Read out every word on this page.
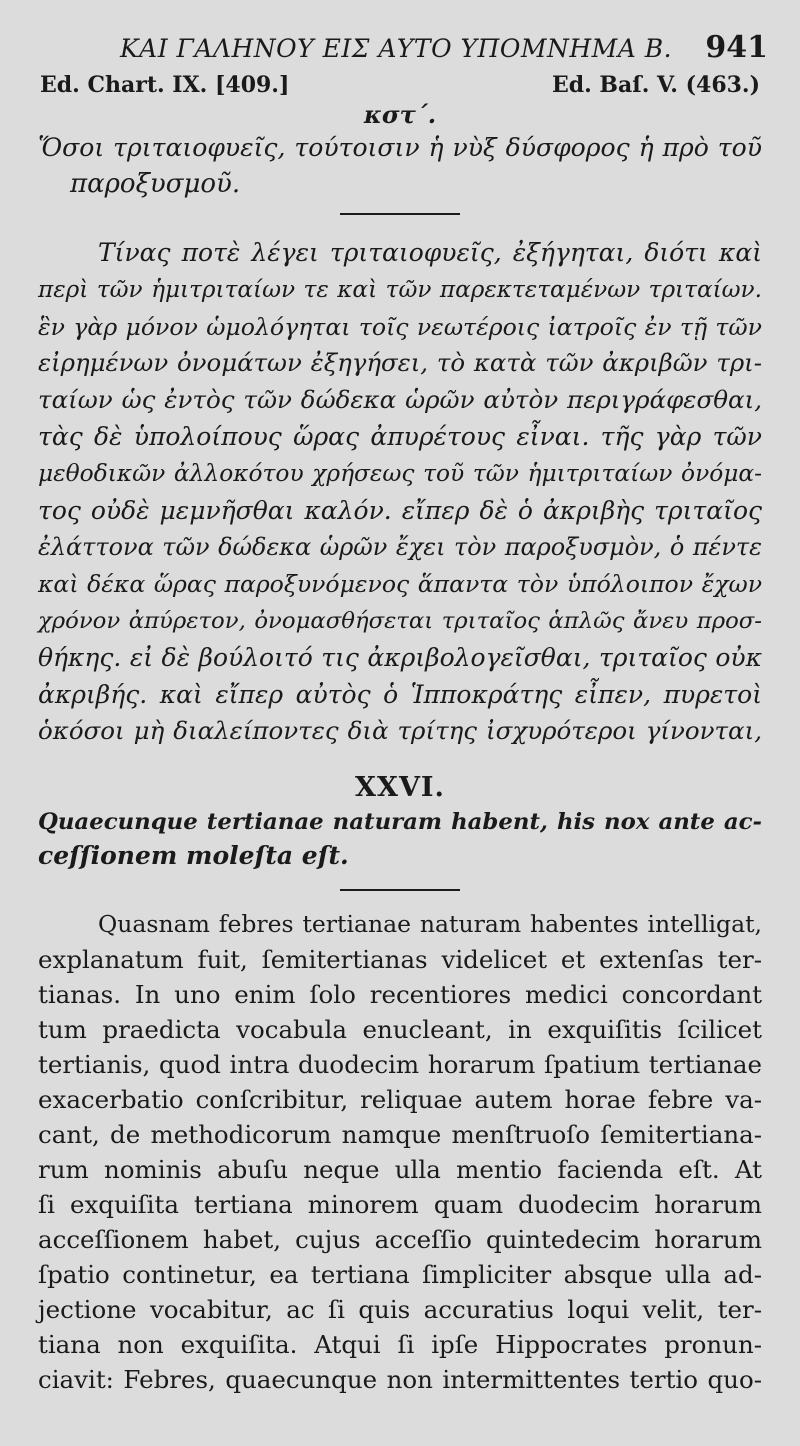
ΚΑΙ ΓΑΛΗΝΟΥ ΕΙΣ ΑΥΤΟ ΥΠΟΜΝΗΜΑ Β. 941
Ed. Chart. IX. [409.]	Ed. Baſ. V. (463.)
κστ΄.
Ὅσοι τριταιοφυεῖς, τούτοισιν ἡ νὺξ δύσφορος ἡ πρὸ τοῦ
παροξυσμοῦ.
Τίνας ποτὲ λέγει τριταιοφυεῖς, ἐξήγηται, διότι καὶ
περὶ τῶν ἡμιτριταίων τε καὶ τῶν παρεκτεταμένων τριταίων.
ἓν γὰρ μόνον ὡμολόγηται τοῖς νεωτέροις ἰατροῖς ἐν τῇ τῶν
εἰρημένων ὀνομάτων ἐξηγήσει, τὸ κατὰ τῶν ἀκριβῶν τρι-
ταίων ὡς ἐντὸς τῶν δώδεκα ὡρῶν αὐτὸν περιγράφεσθαι,
τὰς δὲ ὑπολοίπους ὥρας ἀπυρέτους εἶναι. τῆς γὰρ τῶν
μεθοδικῶν ἀλλοκότου χρήσεως τοῦ τῶν ἡμιτριταίων ὀνόμα-
τος οὐδὲ μεμνῆσθαι καλόν. εἴπερ δὲ ὁ ἀκριβὴς τριταῖος
ἐλάττονα τῶν δώδεκα ὡρῶν ἔχει τὸν παροξυσμὸν, ὁ πέντε
καὶ δέκα ὥρας παροξυνόμενος ἅπαντα τὸν ὑπόλοιπον ἔχων
χρόνον ἀπύρετον, ὀνομασθήσεται τριταῖος ἁπλῶς ἄνευ προσ-
θήκης. εἰ δὲ βούλοιτό τις ἀκριβολογεῖσθαι, τριταῖος οὐκ
ἀκριβής. καὶ εἴπερ αὐτὸς ὁ Ἱπποκράτης εἶπεν, πυρετοὶ
ὁκόσοι μὴ διαλείποντες διὰ τρίτης ἰσχυρότεροι γίνονται,
XXVI.
Quaecunque tertianae naturam habent, his nox ante ac-
ceſſionem moleſta eſt.
Quasnam febres tertianae naturam habentes intelligat,
explanatum fuit, ſemitertianas videlicet et extenſas ter-
tianas. In uno enim ſolo recentiores medici concordant
tum praedicta vocabula enucleant, in exquiſitis ſcilicet
tertianis, quod intra duodecim horarum ſpatium tertianae
exacerbatio conſcribitur, reliquae autem horae febre va-
cant, de methodicorum namque menſtruoſo ſemitertiana-
rum nominis abuſu neque ulla mentio facienda eſt. At
ſi exquiſita tertiana minorem quam duodecim horarum
acceſſionem habet, cujus acceſſio quintedecim horarum
ſpatio continetur, ea tertiana ſimpliciter absque ulla ad-
jectione vocabitur, ac ſi quis accuratius loqui velit, ter-
tiana non exquiſita. Atqui ſi ipſe Hippocrates pronun-
ciavit: Febres, quaecunque non intermittentes tertio quo-
